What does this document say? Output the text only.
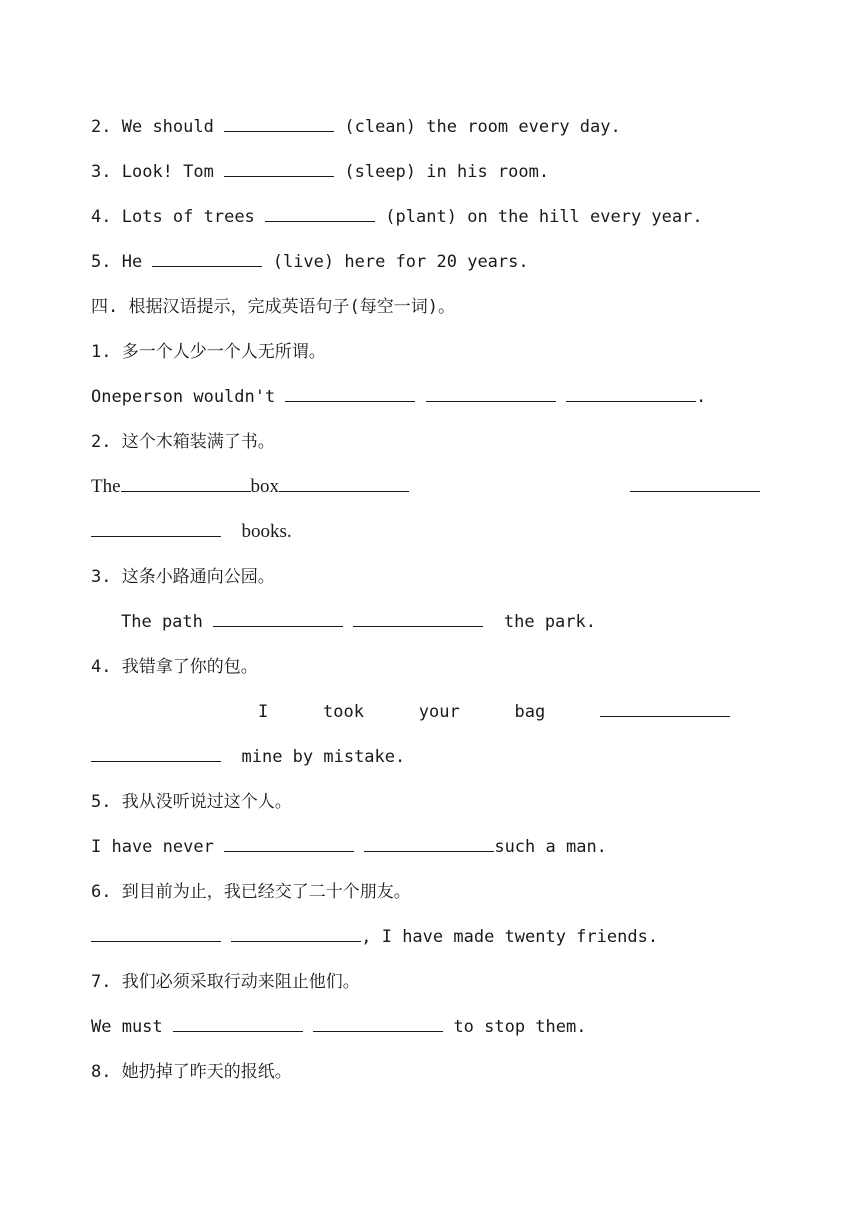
2. We should	(clean) the room every day.
3. Look! Tom	(sleep) in his room.
4. Lots of trees	(plant) on the hill every year.
5. He	(live) here for 20 years.
四. 根据汉语提示，完成英语句子(每空一词)。
1. 多一个人少一个人无所谓。
Oneperson wouldn't	.
2. 这个木箱装满了书。
The	box
books.
3. 这条小路通向公园。
The path	the park.
4. 我错拿了你的包。
I	took	your	bag
mine by mistake.
5. 我从没听说过这个人。
I have never	such a man.
6. 到目前为止，我已经交了二十个朋友。
, I have made twenty friends.
7. 我们必须采取行动来阻止他们。
We must	to stop them.
8. 她扔掉了昨天的报纸。
